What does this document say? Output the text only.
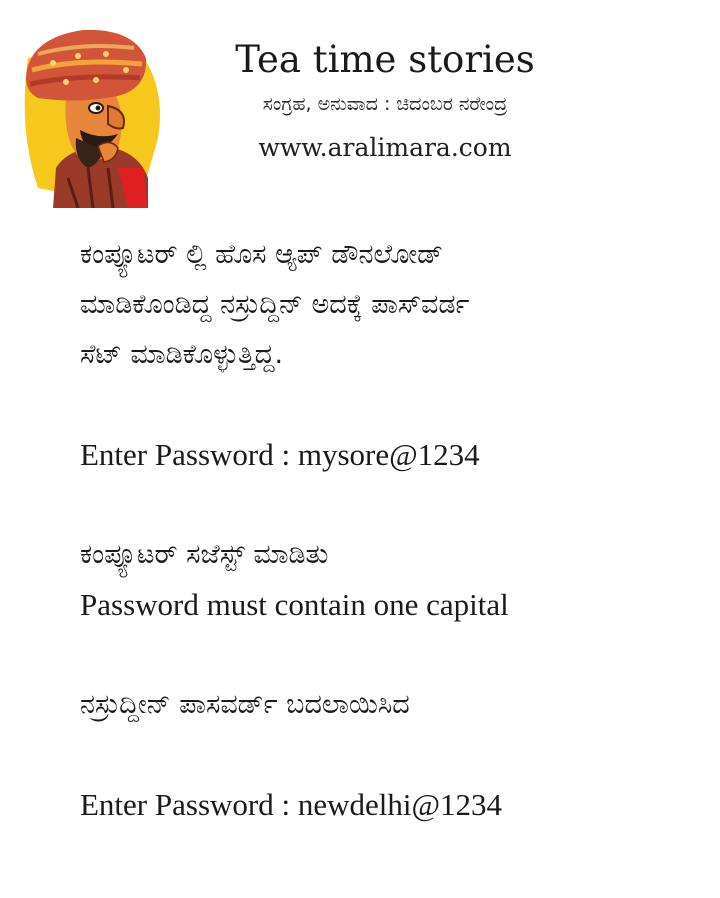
Tea time stories
ಸಂಗ್ರಹ, ಅನುವಾದ : ಚಿದಂಬರ ನರೇಂದ್ರ
www.aralimara.com
ಕಂಪ್ಯೂಟರ್ ಲ್ಲಿ ಹೊಸ ಆ್ಯಪ್ ಡೌನಲೋಡ್
ಮಾಡಿಕೊಂಡಿದ್ದ ನಸ್ರುದ್ದಿನ್ ಅದಕ್ಕೆ ಪಾಸ್‌ವರ್ಡ
ಸೆಟ್ ಮಾಡಿಕೊಳ್ಳುತ್ತಿದ್ದ.
Enter Password : mysore@1234
ಕಂಪ್ಯೂಟರ್ ಸಜೆಸ್ಟ್ ಮಾಡಿತು
Password must contain one capital
ನಸ್ರುದ್ದೀನ್ ಪಾಸವರ್ಡ್ ಬದಲಾಯಿಸಿದ
Enter Password : newdelhi@1234
